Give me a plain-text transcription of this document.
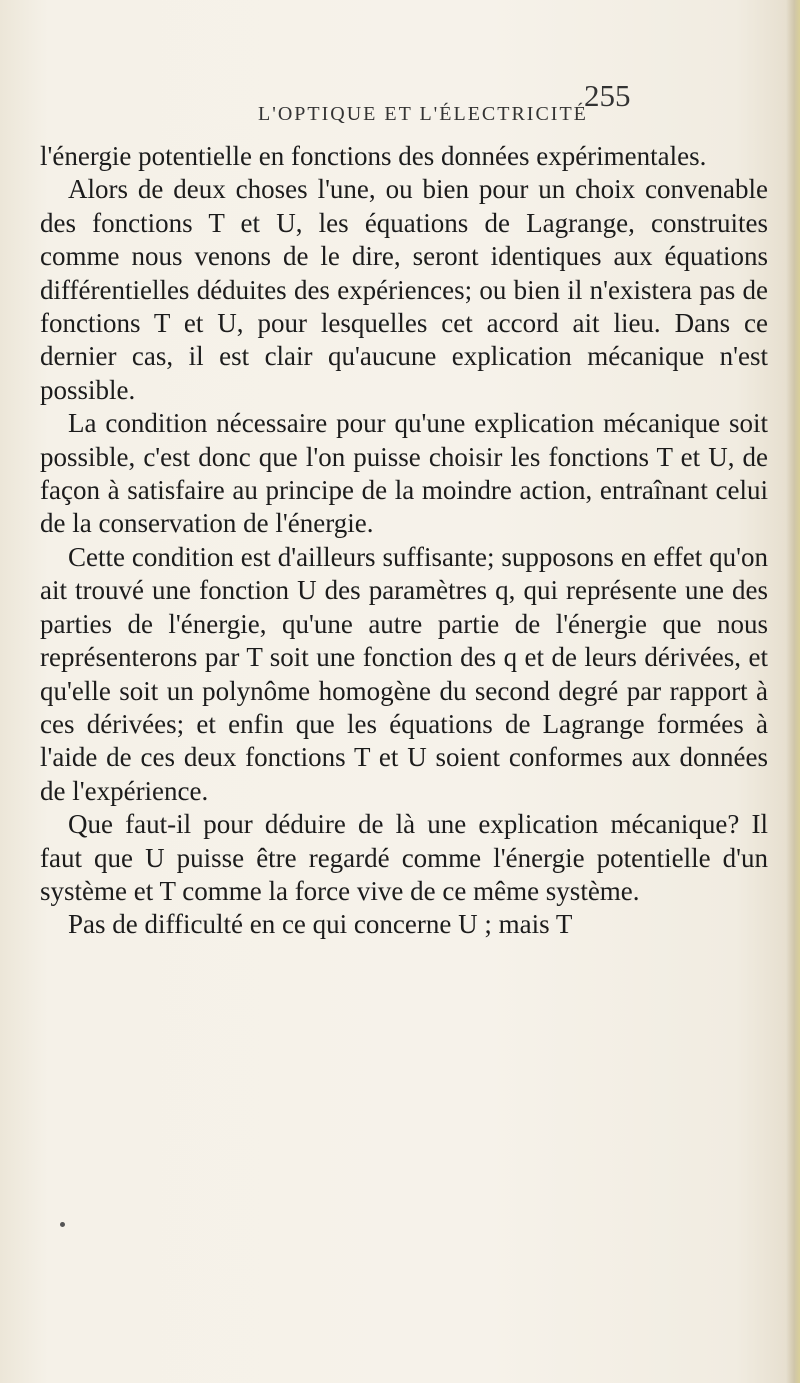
L'OPTIQUE ET L'ÉLECTRICITÉ
255

l'énergie potentielle en fonctions des données expérimentales.

Alors de deux choses l'une, ou bien pour un choix convenable des fonctions T et U, les équations de Lagrange, construites comme nous venons de le dire, seront identiques aux équations différentielles déduites des expériences; ou bien il n'existera pas de fonctions T et U, pour lesquelles cet accord ait lieu. Dans ce dernier cas, il est clair qu'aucune explication mécanique n'est possible.

La condition nécessaire pour qu'une explication mécanique soit possible, c'est donc que l'on puisse choisir les fonctions T et U, de façon à satisfaire au principe de la moindre action, entraînant celui de la conservation de l'énergie.

Cette condition est d'ailleurs suffisante; supposons en effet qu'on ait trouvé une fonction U des paramètres q, qui représente une des parties de l'énergie, qu'une autre partie de l'énergie que nous représenterons par T soit une fonction des q et de leurs dérivées, et qu'elle soit un polynôme homogène du second degré par rapport à ces dérivées; et enfin que les équations de Lagrange formées à l'aide de ces deux fonctions T et U soient conformes aux données de l'expérience.

Que faut-il pour déduire de là une explication mécanique? Il faut que U puisse être regardé comme l'énergie potentielle d'un système et T comme la force vive de ce même système.

Pas de difficulté en ce qui concerne U ; mais T
